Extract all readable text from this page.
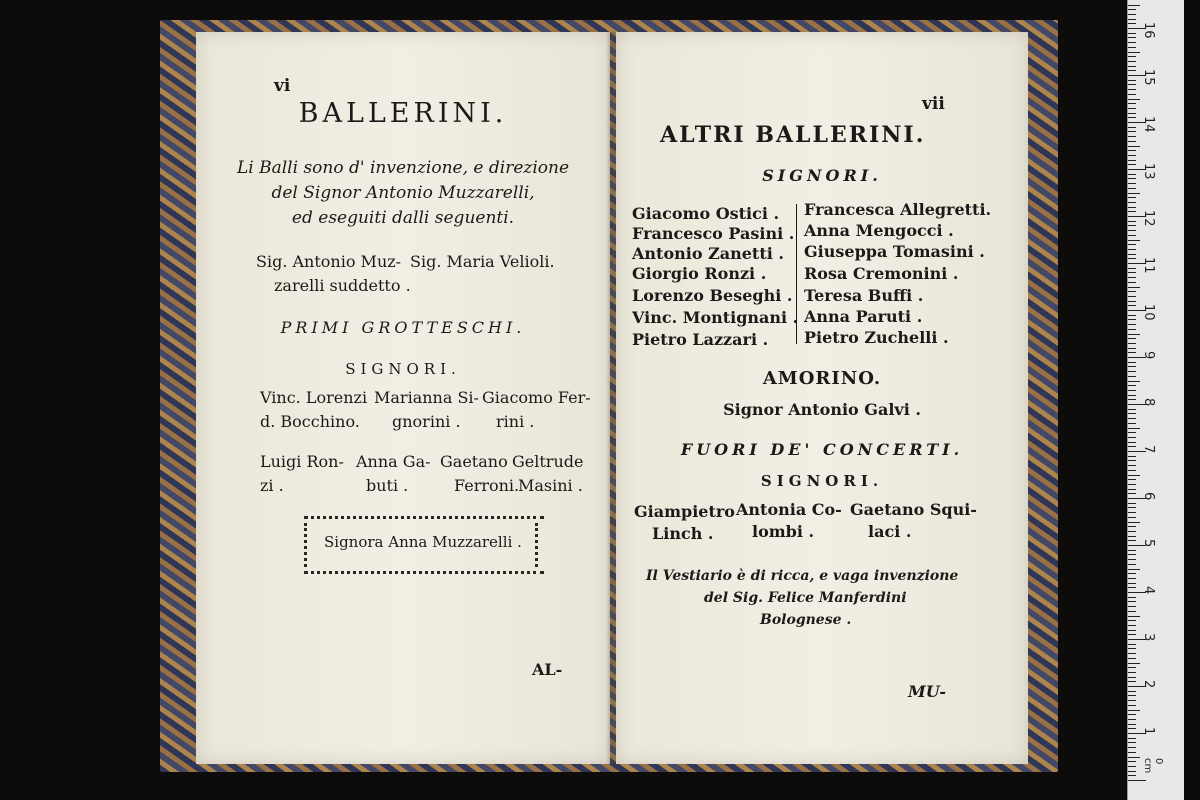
vi
BALLERINI.
Li Balli sono d' invenzione, e direzione
del Signor Antonio Muzzarelli,
ed eseguiti dalli seguenti.
Sig. Antonio Muz-
zarelli suddetto .
Sig. Maria Velioli.
PRIMI GROTTESCHI.
SIGNORI.
Vinc. Lorenzi
d. Bocchino.
Marianna Si-
gnorini .
Giacomo Fer-
rini .
Luigi Ron-
zi .
Anna Ga-
buti .
Gaetano
Ferroni.
Geltrude
Masini .
Signora Anna Muzzarelli .
AL-
vii
ALTRI BALLERINI.
SIGNORI.
Giacomo Ostici .
Francesco Pasini .
Antonio Zanetti .
Giorgio Ronzi .
Lorenzo Beseghi .
Vinc. Montignani .
Pietro Lazzari .
Francesca Allegretti.
Anna Mengocci .
Giuseppa Tomasini .
Rosa Cremonini .
Teresa Buffi .
Anna Paruti .
Pietro Zuchelli .
AMORINO.
Signor Antonio Galvi .
FUORI DE' CONCERTI.
SIGNORI.
Giampietro
Linch .
Antonia Co-
lombi .
Gaetano Squi-
laci .
Il Vestiario è di ricca, e vaga invenzione
del Sig. Felice Manferdini
Bolognese .
MU-
0 cm
1
2
3
4
5
6
7
8
9
10
11
12
13
14
15
16
